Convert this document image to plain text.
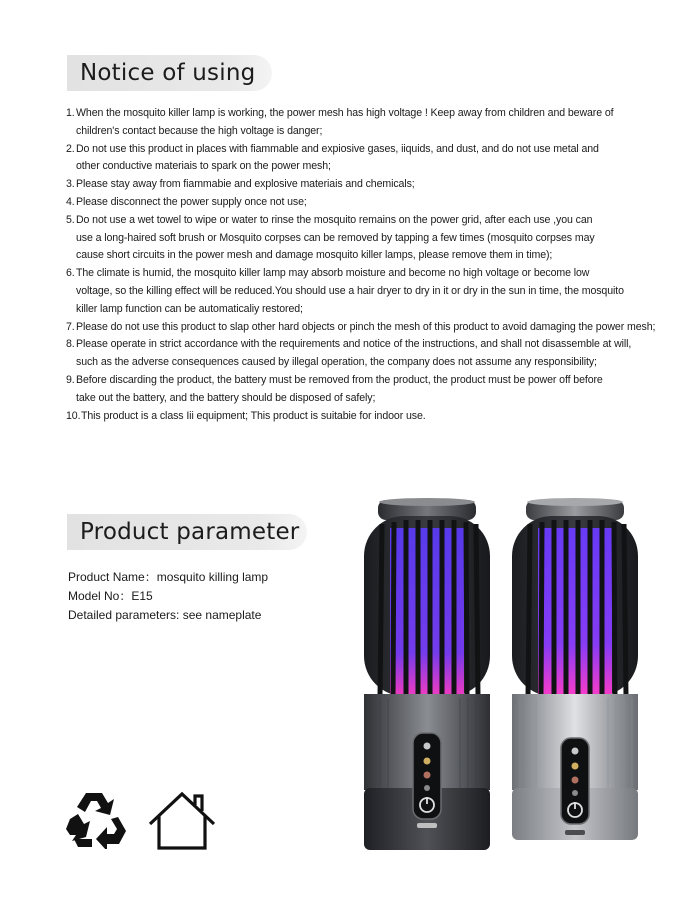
Notice of using
1. When the mosquito killer lamp is working, the power mesh has high voltage ! Keep away from children and beware of
children's contact because the high voltage is danger;
2. Do not use this product in places with fiammable and expiosive gases, iiquids, and dust, and do not use metal and
other conductive materiais to spark on the power mesh;
3. Please stay away from fiammabie and explosive materiais and chemicals;
4. Please disconnect the power supply once not use;
5. Do not use a wet towel to wipe or water to rinse the mosquito remains on the power grid, after each use ,you can
use a long-haired soft brush or Mosquito corpses can be removed by tapping a few times (mosquito corpses may
cause short circuits in the power mesh and damage mosquito killer lamps, please remove them in time);
6. The climate is humid, the mosquito killer lamp may absorb moisture and become no high voltage or become low
voltage, so the killing effect will be reduced.You should use a hair dryer to dry in it or dry in the sun in time, the mosquito
killer lamp function can be automaticaliy restored;
7. Please do not use this product to slap other hard objects or pinch the mesh of this product to avoid damaging the power mesh;
8. Please operate in strict accordance with the requirements and notice of the instructions, and shall not disassemble at will,
such as the adverse consequences caused by illegal operation, the company does not assume any responsibility;
9. Before discarding the product, the battery must be removed from the product, the product must be power off before
take out the battery, and the battery should be disposed of safely;
10. This product is a class Iii equipment; This product is suitabie for indoor use.
Product parameter
Product Name：mosquito killing lamp
Model No：E15
Detailed parameters: see nameplate
